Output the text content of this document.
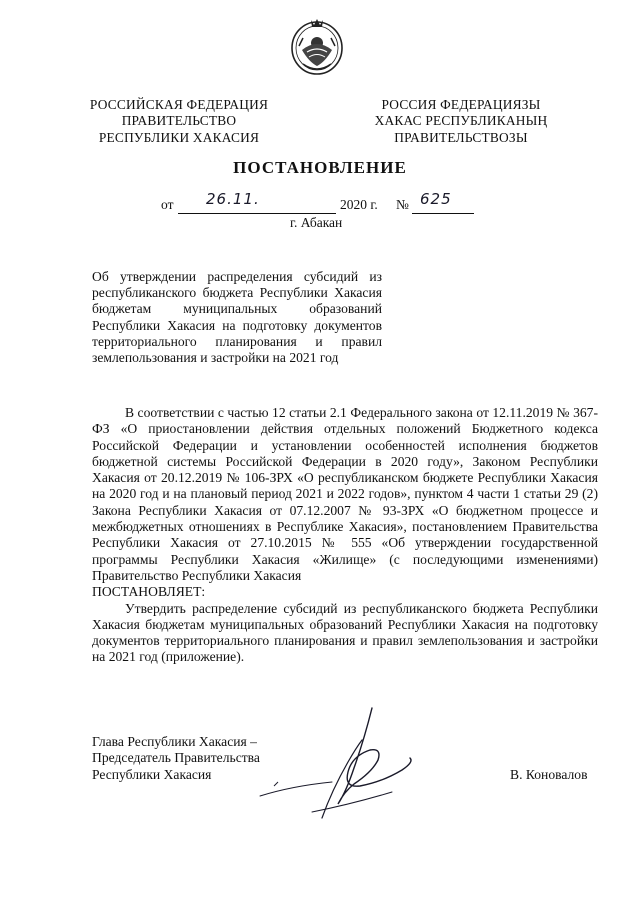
РОССИЙСКАЯ ФЕДЕРАЦИЯ
ПРАВИТЕЛЬСТВО
РЕСПУБЛИКИ ХАКАСИЯ
РОССИЯ ФЕДЕРАЦИЯЗЫ
ХАКАС РЕСПУБЛИКАНЫҢ
ПРАВИТЕЛЬСТВОЗЫ
ПОСТАНОВЛЕНИЕ
от 26.11.	2020 г. № 625
г. Абакан
Об утверждении распределения субсидий из республиканского бюджета Республики Хакасия бюджетам муниципальных образований Республики Хакасия на подготовку документов территориального планирования и правил землепользования и застройки на 2021 год

В соответствии с частью 12 статьи 2.1 Федерального закона от 12.11.2019 № 367-ФЗ «О приостановлении действия отдельных положений Бюджетного кодекса Российской Федерации и установлении особенностей исполнения бюджетов бюджетной системы Российской Федерации в 2020 году», Законом Республики Хакасия от 20.12.2019 № 106-ЗРХ «О республиканском бюджете Республики Хакасия на 2020 год и на плановый период 2021 и 2022 годов», пунктом 4 части 1 статьи 29 (2) Закона Республики Хакасия от 07.12.2007 № 93-ЗРХ «О бюджетном процессе и межбюджетных отношениях в Республике Хакасия», постановлением Правительства Республики Хакасия от 27.10.2015 № 555 «Об утверждении государственной программы Республики Хакасия «Жилище» (с последующими изменениями) Правительство Республики Хакасия

ПОСТАНОВЛЯЕТ:

Утвердить распределение субсидий из республиканского бюджета Республики Хакасия бюджетам муниципальных образований Республики Хакасия на подготовку документов территориального планирования и правил землепользования и застройки на 2021 год (приложение).

Глава Республики Хакасия –
Председатель Правительства
Республики Хакасия	В. Коновалов
